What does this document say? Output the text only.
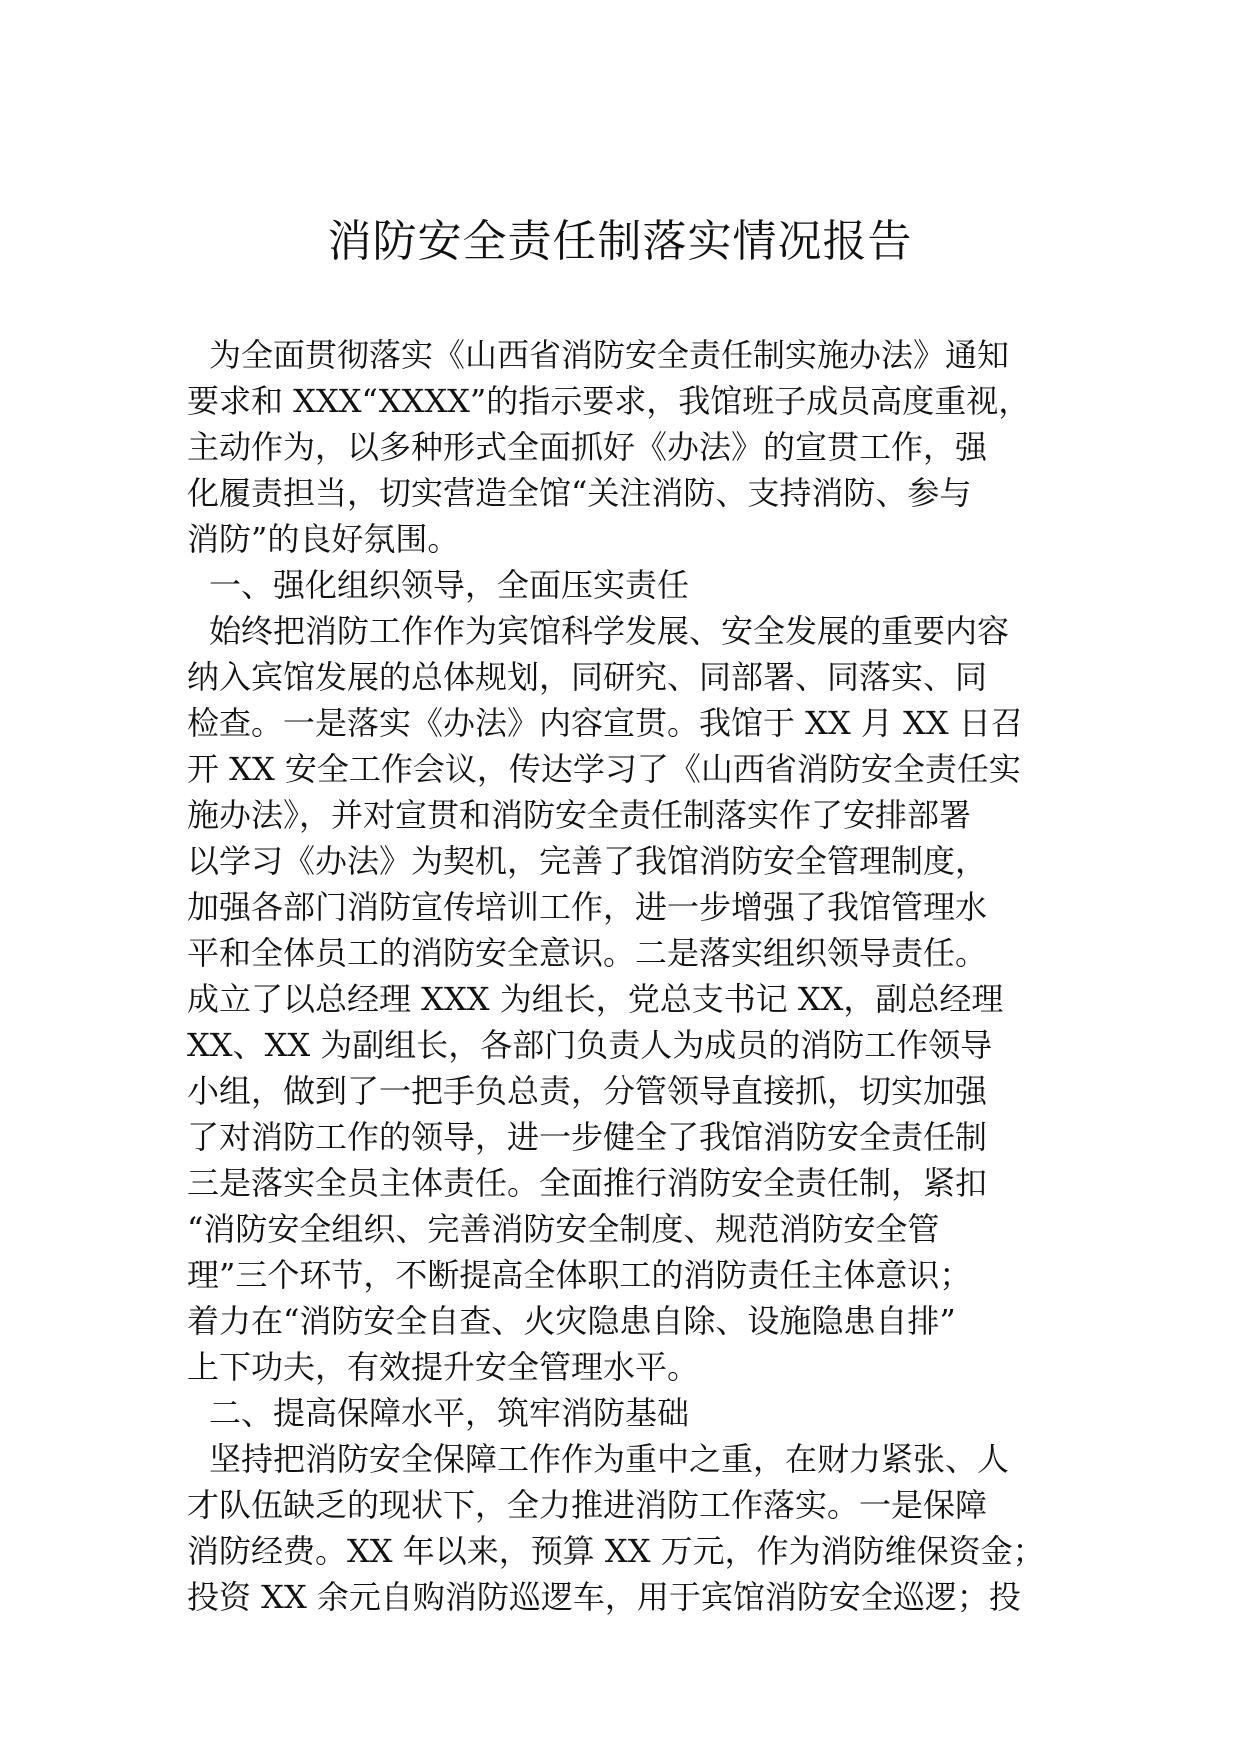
消防安全责任制落实情况报告
为全面贯彻落实《山西省消防安全责任制实施办法》通知
要求和 XXX“XXXX”的指示要求，我馆班子成员高度重视，
主动作为，以多种形式全面抓好《办法》的宣贯工作，强
化履责担当，切实营造全馆“关注消防、支持消防、参与
消防”的良好氛围。
一、强化组织领导，全面压实责任
始终把消防工作作为宾馆科学发展、安全发展的重要内容
纳入宾馆发展的总体规划，同研究、同部署、同落实、同
检查。一是落实《办法》内容宣贯。我馆于 XX 月 XX 日召
开 XX 安全工作会议，传达学习了《山西省消防安全责任实
施办法》，并对宣贯和消防安全责任制落实作了安排部署
以学习《办法》为契机，完善了我馆消防安全管理制度，
加强各部门消防宣传培训工作，进一步增强了我馆管理水
平和全体员工的消防安全意识。二是落实组织领导责任。
成立了以总经理 XXX 为组长，党总支书记 XX，副总经理
XX、XX 为副组长，各部门负责人为成员的消防工作领导
小组，做到了一把手负总责，分管领导直接抓，切实加强
了对消防工作的领导，进一步健全了我馆消防安全责任制
三是落实全员主体责任。全面推行消防安全责任制，紧扣
“消防安全组织、完善消防安全制度、规范消防安全管
理”三个环节，不断提高全体职工的消防责任主体意识；
着力在“消防安全自查、火灾隐患自除、设施隐患自排”
上下功夫，有效提升安全管理水平。
二、提高保障水平，筑牢消防基础
坚持把消防安全保障工作作为重中之重，在财力紧张、人
才队伍缺乏的现状下，全力推进消防工作落实。一是保障
消防经费。XX 年以来，预算 XX 万元，作为消防维保资金；
投资 XX 余元自购消防巡逻车，用于宾馆消防安全巡逻；投
